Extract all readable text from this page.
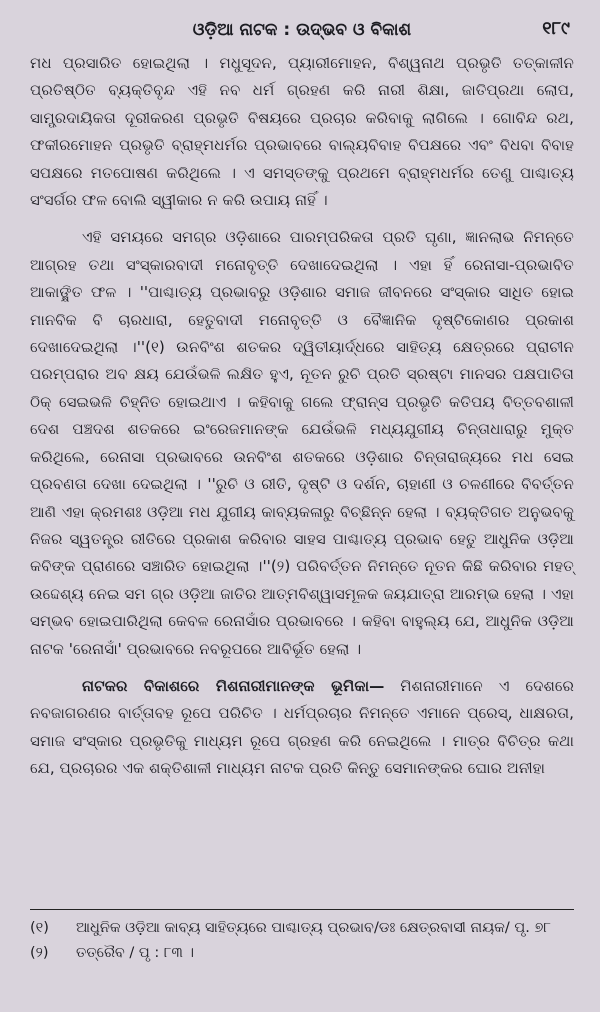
ଓଡ଼ିଆ ନାଟକ : ଉଦ୍ଭବ ଓ ବିକାଶ	୧୮୯

ମଧ ପ୍ରସାରିତ ହୋଇଥିଲା । ମଧୁସୂଦନ, ପ୍ୟାରୀମୋହନ, ବିଶ୍ୱନାଥ ପ୍ରଭୃତି ତତ୍କାଳୀନ ପ୍ରତିଷ୍ଠିତ ବ୍ୟକ୍ତିବୃନ୍ଦ ଏହି ନବ ଧର୍ମ ଗ୍ରହଣ କରି ନାରୀ ଶିକ୍ଷା, ଜାତିପ୍ରଥା ଲୋପ, ସାମ୍ପ୍ରଦାୟିକତା ଦୂରୀକରଣ ପ୍ରଭୃତି ବିଷୟରେ ପ୍ରଚାର କରିବାକୁ ଲାଗିଲେ । ଗୋବିନ୍ଦ ରଥ, ଫକୀରମୋହନ ପ୍ରଭୃତି ବ୍ରାହ୍ମଧର୍ମର ପ୍ରଭାବରେ ବାଲ୍ୟବିବାହ ବିପକ୍ଷରେ ଏବଂ ବିଧବା ବିବାହ ସପକ୍ଷରେ ମତପୋଷଣ କରିଥିଲେ । ଏ ସମସ୍ତଙ୍କୁ ପ୍ରଥମେ ବ୍ରାହ୍ମଧର୍ମର ତେଣୁ ପାଶ୍ଚାତ୍ୟ ସଂସର୍ଗର ଫଳ ବୋଲି ସ୍ୱୀକାର ନ କରି ଉପାୟ ନାହିଁ ।

ଏହି ସମୟରେ ସମଗ୍ର ଓଡ଼ିଶାରେ ପାରମ୍ପରିକତା ପ୍ରତି ଘୃଣା, ଜ୍ଞାନଲାଭ ନିମନ୍ତେ ଆଗ୍ରହ ତଥା ସଂସ୍କାରବାଦୀ ମନୋବୃତ୍ତି ଦେଖାଦେଇଥିଲା । ଏହା ହିଁ ରେନାସା-ପ୍ରଭାବିତ ଆକାଙ୍କ୍ଷିତ ଫଳ । ''ପାଶ୍ଚାତ୍ୟ ପ୍ରଭାବରୁ ଓଡ଼ିଶାର ସମାଜ ଜୀବନରେ ସଂସ୍କାର ସାଧିତ ହୋଇ ମାନବିକ ବି ଚାରଧାରା, ହେତୁବାଦୀ ମନୋବୃତ୍ତି ଓ ବୈଜ୍ଞାନିକ ଦୃଷ୍ଟିକୋଣର ପ୍ରକାଶ ଦେଖାଦେଇଥିଲା ।''(୧) ଉନବିଂଶ ଶତକର ଦ୍ୱିତୀୟାର୍ଦ୍ଧରେ ସାହିତ୍ୟ କ୍ଷେତ୍ରରେ ପ୍ରାଚୀନ ପରମ୍ପରାର ଅବ କ୍ଷୟ ଯେଉଁଭଳି ଲକ୍ଷିତ ହୁଏ, ନୂତନ ରୁଚି ପ୍ରତି ସ୍ରଷ୍ଟା ମାନସର ପକ୍ଷପାତିତା ଠିକ୍ ସେଇଭଳି ଚିହ୍ନିତ ହୋଇଥାଏ । କହିବାକୁ ଗଲେ ଫ୍ରାନ୍ସ ପ୍ରଭୃତି କତିପୟ ବିତ୍ତବଶାଳୀ ଦେଶ ପଞ୍ଚଦଶ ଶତକରେ ଇଂରେଜମାନଙ୍କ ଯେଉଁଭଳି ମଧ୍ୟଯୁଗୀୟ ଚିନ୍ତାଧାରାରୁ ମୁକ୍ତ କରିଥିଲେ, ରେନାସା ପ୍ରଭାବରେ ଉନବିଂଶ ଶତକରେ ଓଡ଼ିଶାର ଚିନ୍ତାରାଜ୍ୟରେ ମଧ ସେଇ ପ୍ରବଣତା ଦେଖା ଦେଇଥିଲା । ''ରୁଚି ଓ ରୀତି, ଦୃଷ୍ଟି ଓ ଦର୍ଶନ, ଚାହାଣୀ ଓ ଚଳଣୀରେ ବିବର୍ତ୍ତନ ଆଣି ଏହା କ୍ରମଶଃ ଓଡ଼ିଆ ମଧ ଯୁଗୀୟ କାବ୍ୟକଳାରୁ ବିଚ୍ଛିନ୍ନ ହେଲା । ବ୍ୟକ୍ତିଗତ ଅନୁଭବକୁ ନିଜର ସ୍ୱତନ୍ତ୍ର ରୀତିରେ ପ୍ରକାଶ କରିବାର ସାହସ ପାଶ୍ଚାତ୍ୟ ପ୍ରଭାବ ହେତୁ ଆଧୁନିକ ଓଡ଼ିଆ କବିଙ୍କ ପ୍ରାଣରେ ସଞ୍ଚାରିତ ହୋଇଥିଲା ।''(୨) ପରିବର୍ତ୍ତନ ନିମନ୍ତେ ନୂତନ କିଛି କରିବାର ମହତ୍ ଉଦ୍ଦେଶ୍ୟ ନେଇ ସମ ଗ୍ର ଓଡ଼ିଆ ଜାତିର ଆତ୍ମବିଶ୍ୱାସମୂଳକ ଜୟଯାତ୍ରା ଆରମ୍ଭ ହେଲା । ଏହା ସମ୍ଭବ ହୋଇପାରିଥିଲା କେବଳ ରେନାସାଁର ପ୍ରଭାବରେ । କହିବା ବାହୁଲ୍ୟ ଯେ, ଆଧୁନିକ ଓଡ଼ିଆ ନାଟକ 'ରେନାସାଁ' ପ୍ରଭାବରେ ନବରୂପରେ ଆବିର୍ଭୂତ ହେଲା ।

ନାଟକର ବିକାଶରେ ମିଶନାରୀମାନଙ୍କ ଭୂମିକା— ମିଶନାରୀମାନେ ଏ ଦେଶରେ ନବଜାଗରଣର ବାର୍ତ୍ତାବହ ରୂପେ ପରିଚିତ । ଧର୍ମପ୍ରଚାର ନିମନ୍ତେ ଏମାନେ ପ୍ରେସ୍, ଧାକ୍ଷରତା, ସମାଜ ସଂସ୍କାର ପ୍ରଭୃତିକୁ ମାଧ୍ୟମ ରୂପେ ଗ୍ରହଣ କରି ନେଇଥିଲେ । ମାତ୍ର ବିଚିତ୍ର କଥା ଯେ, ପ୍ରଚାରର ଏକ ଶକ୍ତିଶାଳୀ ମାଧ୍ୟମ ନାଟକ ପ୍ରତି କିନ୍ତୁ ସେମାନଙ୍କର ଘୋର ଅନୀହା

(୧)	ଆଧୁନିକ ଓଡ଼ିଆ କାବ୍ୟ ସାହିତ୍ୟରେ ପାଶ୍ଚାତ୍ୟ ପ୍ରଭାବ/ଡଃ କ୍ଷେତ୍ରବାସୀ ନାୟକ/ ପୃ. ୭୮
(୨)	ତତ୍ରୈବ / ପୃ : ୮୩ ।
